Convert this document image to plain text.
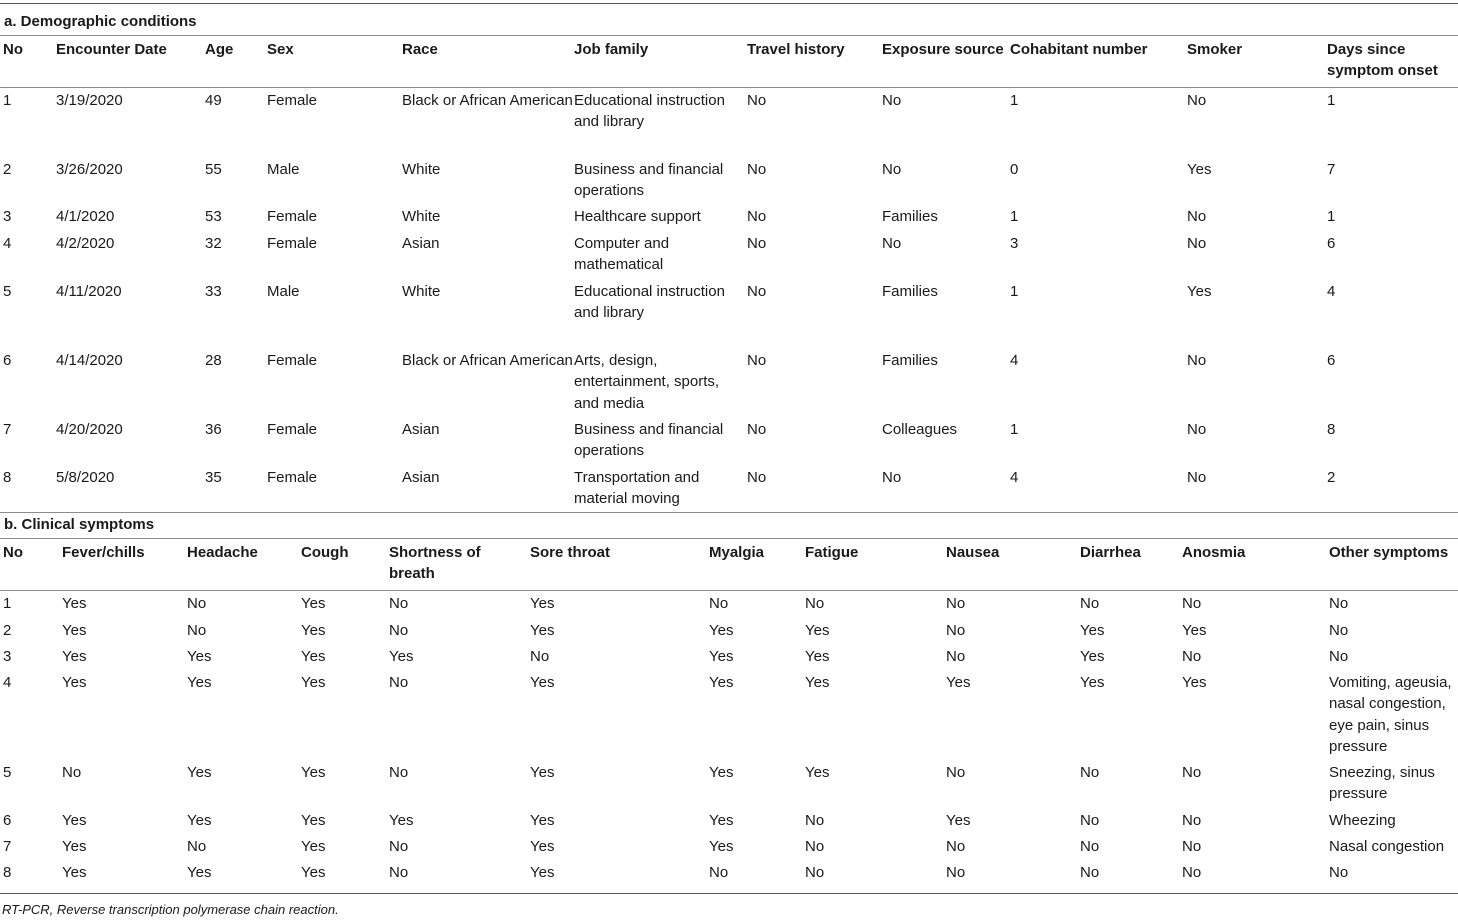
a. Demographic conditions
No	Encounter Date	Age	Sex	Race	Job family	Travel history	Exposure source	Cohabitant number	Smoker	Days since symptom onset
1	3/19/2020	49	Female	Black or African American	Educational instruction and library	No	No	1	No	1
2	3/26/2020	55	Male	White	Business and financial operations	No	No	0	Yes	7
3	4/1/2020	53	Female	White	Healthcare support	No	Families	1	No	1
4	4/2/2020	32	Female	Asian	Computer and mathematical	No	No	3	No	6
5	4/11/2020	33	Male	White	Educational instruction and library	No	Families	1	Yes	4
6	4/14/2020	28	Female	Black or African American	Arts, design, entertainment, sports, and media	No	Families	4	No	6
7	4/20/2020	36	Female	Asian	Business and financial operations	No	Colleagues	1	No	8
8	5/8/2020	35	Female	Asian	Transportation and material moving	No	No	4	No	2
b. Clinical symptoms
No	Fever/chills	Headache	Cough	Shortness of breath	Sore throat	Myalgia	Fatigue	Nausea	Diarrhea	Anosmia	Other symptoms
1	Yes	No	Yes	No	Yes	No	No	No	No	No	No
2	Yes	No	Yes	No	Yes	Yes	Yes	No	Yes	Yes	No
3	Yes	Yes	Yes	Yes	No	Yes	Yes	No	Yes	No	No
4	Yes	Yes	Yes	No	Yes	Yes	Yes	Yes	Yes	Yes	Vomiting, ageusia, nasal congestion, eye pain, sinus pressure
5	No	Yes	Yes	No	Yes	Yes	Yes	No	No	No	Sneezing, sinus pressure
6	Yes	Yes	Yes	Yes	Yes	Yes	No	Yes	No	No	Wheezing
7	Yes	No	Yes	No	Yes	Yes	No	No	No	No	Nasal congestion
8	Yes	Yes	Yes	No	Yes	No	No	No	No	No	No
RT-PCR, Reverse transcription polymerase chain reaction.
